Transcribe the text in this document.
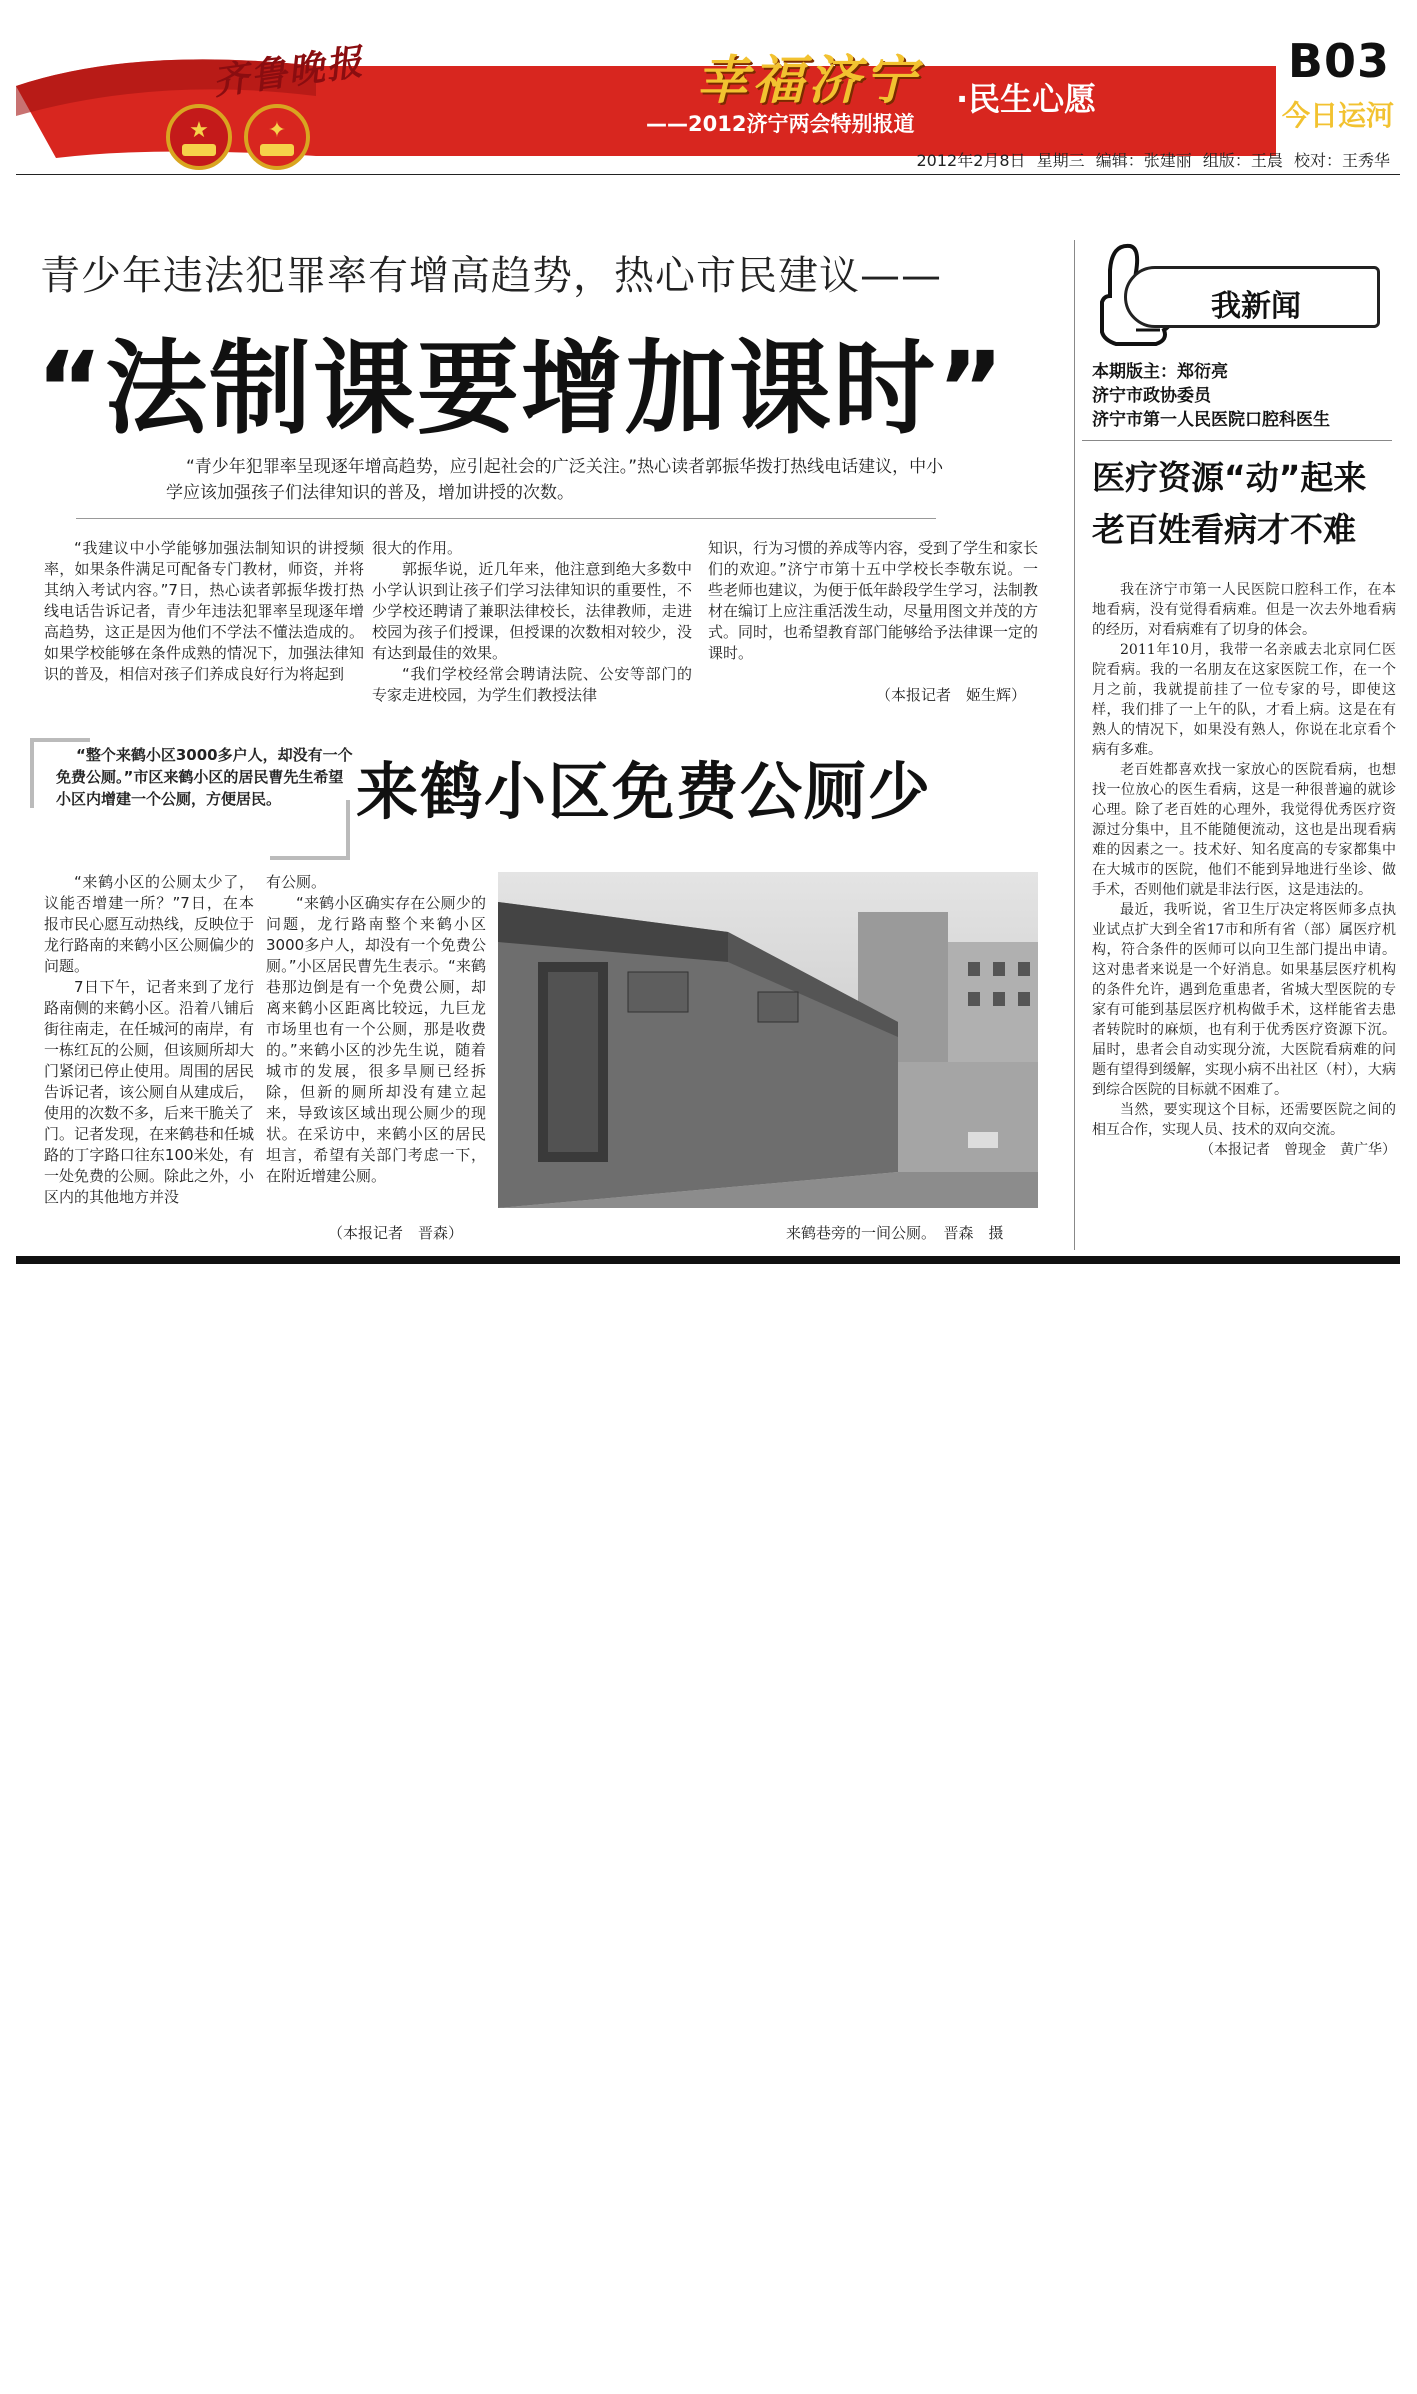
齐鲁晚报
★	✦
幸福济宁
——2012济宁两会特别报道
·民生心愿
B03
今日运河
2012年2月8日 星期三 编辑：张建丽 组版：王晨 校对：王秀华
青少年违法犯罪率有增高趋势，热心市民建议——
“法制课要增加课时”
“青少年犯罪率呈现逐年增高趋势，应引起社会的广泛关注。”热心读者郭振华拨打热线电话建议，中小学应该加强孩子们法律知识的普及，增加讲授的次数。

“我建议中小学能够加强法制知识的讲授频率，如果条件满足可配备专门教材，师资，并将其纳入考试内容。”7日，热心读者郭振华拨打热线电话告诉记者，青少年违法犯罪率呈现逐年增高趋势，这正是因为他们不学法不懂法造成的。如果学校能够在条件成熟的情况下，加强法律知识的普及，相信对孩子们养成良好行为将起到

很大的作用。

郭振华说，近几年来，他注意到绝大多数中小学认识到让孩子们学习法律知识的重要性，不少学校还聘请了兼职法律校长，法律教师，走进校园为孩子们授课，但授课的次数相对较少，没有达到最佳的效果。

“我们学校经常会聘请法院、公安等部门的专家走进校园，为学生们教授法律

知识，行为习惯的养成等内容，受到了学生和家长们的欢迎。”济宁市第十五中学校长李敬东说。一些老师也建议，为便于低年龄段学生学习，法制教材在编订上应注重活泼生动，尽量用图文并茂的方式。同时，也希望教育部门能够给予法律课一定的课时。

（本报记者　姬生辉）
“整个来鹤小区3000多户人，却没有一个免费公厕。”市区来鹤小区的居民曹先生希望小区内增建一个公厕，方便居民。	来鹤小区免费公厕少

“来鹤小区的公厕太少了，议能否增建一所？”7日，在本报市民心愿互动热线，反映位于龙行路南的来鹤小区公厕偏少的问题。

7日下午，记者来到了龙行路南侧的来鹤小区。沿着八铺后街往南走，在任城河的南岸，有一栋红瓦的公厕，但该厕所却大门紧闭已停止使用。周围的居民告诉记者，该公厕自从建成后，使用的次数不多，后来干脆关了门。记者发现，在来鹤巷和任城路的丁字路口往东100米处，有一处免费的公厕。除此之外，小区内的其他地方并没

有公厕。

“来鹤小区确实存在公厕少的问题，龙行路南整个来鹤小区3000多户人，却没有一个免费公厕。”小区居民曹先生表示。“来鹤巷那边倒是有一个免费公厕，却离来鹤小区距离比较远，九巨龙市场里也有一个公厕，那是收费的。”来鹤小区的沙先生说，随着城市的发展，很多旱厕已经拆除，但新的厕所却没有建立起来，导致该区域出现公厕少的现状。在采访中，来鹤小区的居民坦言，希望有关部门考虑一下，在附近增建公厕。

（本报记者　晋森）	来鹤巷旁的一间公厕。　晋森　摄
我新闻
本期版主：郑衍亮
济宁市政协委员
济宁市第一人民医院口腔科医生
医疗资源“动”起来
老百姓看病才不难

我在济宁市第一人民医院口腔科工作，在本地看病，没有觉得看病难。但是一次去外地看病的经历，对看病难有了切身的体会。

2011年10月，我带一名亲戚去北京同仁医院看病。我的一名朋友在这家医院工作，在一个月之前，我就提前挂了一位专家的号，即使这样，我们排了一上午的队，才看上病。这是在有熟人的情况下，如果没有熟人，你说在北京看个病有多难。

老百姓都喜欢找一家放心的医院看病，也想找一位放心的医生看病，这是一种很普遍的就诊心理。除了老百姓的心理外，我觉得优秀医疗资源过分集中，且不能随便流动，这也是出现看病难的因素之一。技术好、知名度高的专家都集中在大城市的医院，他们不能到异地进行坐诊、做手术，否则他们就是非法行医，这是违法的。

最近，我听说，省卫生厅决定将医师多点执业试点扩大到全省17市和所有省（部）属医疗机构，符合条件的医师可以向卫生部门提出申请。这对患者来说是一个好消息。如果基层医疗机构的条件允许，遇到危重患者，省城大型医院的专家有可能到基层医疗机构做手术，这样能省去患者转院时的麻烦，也有利于优秀医疗资源下沉。届时，患者会自动实现分流，大医院看病难的问题有望得到缓解，实现小病不出社区（村），大病到综合医院的目标就不困难了。

当然，要实现这个目标，还需要医院之间的相互合作，实现人员、技术的双向交流。

（本报记者　曾现金　黄广华）
